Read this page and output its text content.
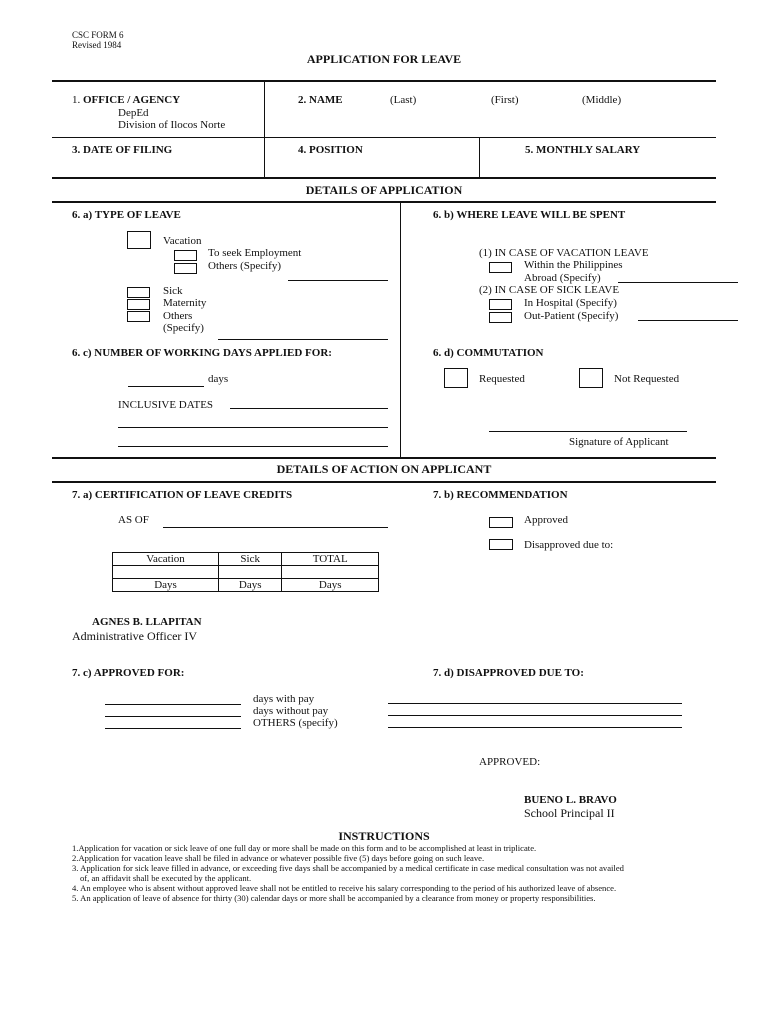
CSC FORM 6
Revised 1984
APPLICATION FOR LEAVE
1. OFFICE / AGENCY
DepEd
Division of Ilocos Norte
2. NAME	(Last)	(First)	(Middle)
3. DATE OF FILING	4. POSITION	5. MONTHLY SALARY
DETAILS OF APPLICATION
6. a) TYPE OF LEAVE
Vacation
To seek Employment
Others (Specify)
Sick
Maternity
Others
(Specify)
6. b) WHERE LEAVE WILL BE SPENT
(1) IN CASE OF VACATION LEAVE
Within the Philippines
Abroad (Specify)
(2) IN CASE OF SICK LEAVE
In Hospital (Specify)
Out-Patient (Specify)
6. c) NUMBER OF WORKING DAYS APPLIED FOR:
days
INCLUSIVE DATES
6. d) COMMUTATION
Requested	Not Requested
Signature of Applicant
DETAILS OF ACTION ON APPLICANT
7. a) CERTIFICATION OF LEAVE CREDITS
AS OF
Vacation	Sick	TOTAL

Days	Days	Days
AGNES B. LLAPITAN
Administrative Officer IV
7. b) RECOMMENDATION
Approved
Disapproved due to:
7. c) APPROVED FOR:
days with pay
days without pay
OTHERS (specify)
7. d) DISAPPROVED DUE TO:
APPROVED:
BUENO L. BRAVO
School Principal II
INSTRUCTIONS

1.Application for vacation or sick leave of one full day or more shall be made on this form and to be accomplished at least in triplicate.

2.Application for vacation leave shall be filed in advance or whatever possible five (5) days before going on such leave.

3. Application for sick leave filled in advance, or exceeding five days shall be accompanied by a medical certificate in case medical consultation was not availed

of, an affidavit shall be executed by the applicant.

4. An employee who is absent without approved leave shall not be entitled to receive his salary corresponding to the period of his authorized leave of absence.

5. An application of leave of absence for thirty (30) calendar days or more shall be accompanied by a clearance from money or property responsibilities.
